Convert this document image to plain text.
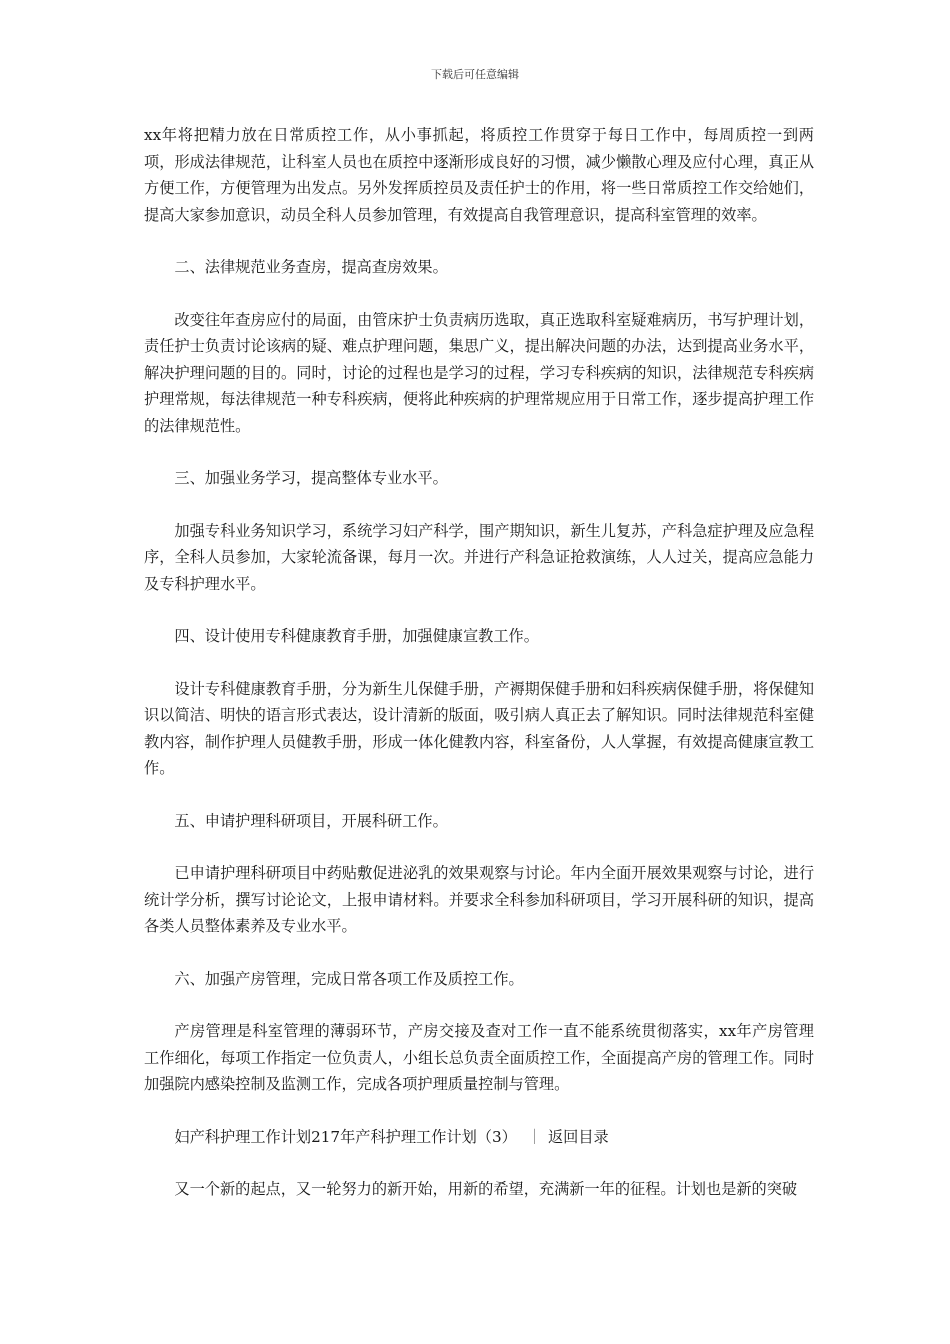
下载后可任意编辑

xx年将把精力放在日常质控工作，从小事抓起，将质控工作贯穿于每日工作中，每周质控一到两项，形成法律规范，让科室人员也在质控中逐渐形成良好的习惯，减少懒散心理及应付心理，真正从方便工作，方便管理为出发点。另外发挥质控员及责任护士的作用，将一些日常质控工作交给她们，提高大家参加意识，动员全科人员参加管理，有效提高自我管理意识，提高科室管理的效率。

二、法律规范业务查房，提高查房效果。

改变往年查房应付的局面，由管床护士负责病历选取，真正选取科室疑难病历，书写护理计划，责任护士负责讨论该病的疑、难点护理问题，集思广义，提出解决问题的办法，达到提高业务水平，解决护理问题的目的。同时，讨论的过程也是学习的过程，学习专科疾病的知识，法律规范专科疾病护理常规，每法律规范一种专科疾病，便将此种疾病的护理常规应用于日常工作，逐步提高护理工作的法律规范性。

三、加强业务学习，提高整体专业水平。

加强专科业务知识学习，系统学习妇产科学，围产期知识，新生儿复苏，产科急症护理及应急程序，全科人员参加，大家轮流备课，每月一次。并进行产科急证抢救演练，人人过关，提高应急能力及专科护理水平。

四、设计使用专科健康教育手册，加强健康宣教工作。

设计专科健康教育手册，分为新生儿保健手册，产褥期保健手册和妇科疾病保健手册，将保健知识以简洁、明快的语言形式表达，设计清新的版面，吸引病人真正去了解知识。同时法律规范科室健教内容，制作护理人员健教手册，形成一体化健教内容，科室备份，人人掌握，有效提高健康宣教工作。

五、申请护理科研项目，开展科研工作。

已申请护理科研项目中药贴敷促进泌乳的效果观察与讨论。年内全面开展效果观察与讨论，进行统计学分析，撰写讨论论文，上报申请材料。并要求全科参加科研项目，学习开展科研的知识，提高各类人员整体素养及专业水平。

六、加强产房管理，完成日常各项工作及质控工作。

产房管理是科室管理的薄弱环节，产房交接及查对工作一直不能系统贯彻落实，xx年产房管理工作细化，每项工作指定一位负责人，小组长总负责全面质控工作，全面提高产房的管理工作。同时加强院内感染控制及监测工作，完成各项护理质量控制与管理。

妇产科护理工作计划217年产科护理工作计划（3） ｜ 返回目录

又一个新的起点，又一轮努力的新开始，用新的希望，充满新一年的征程。计划也是新的突破
